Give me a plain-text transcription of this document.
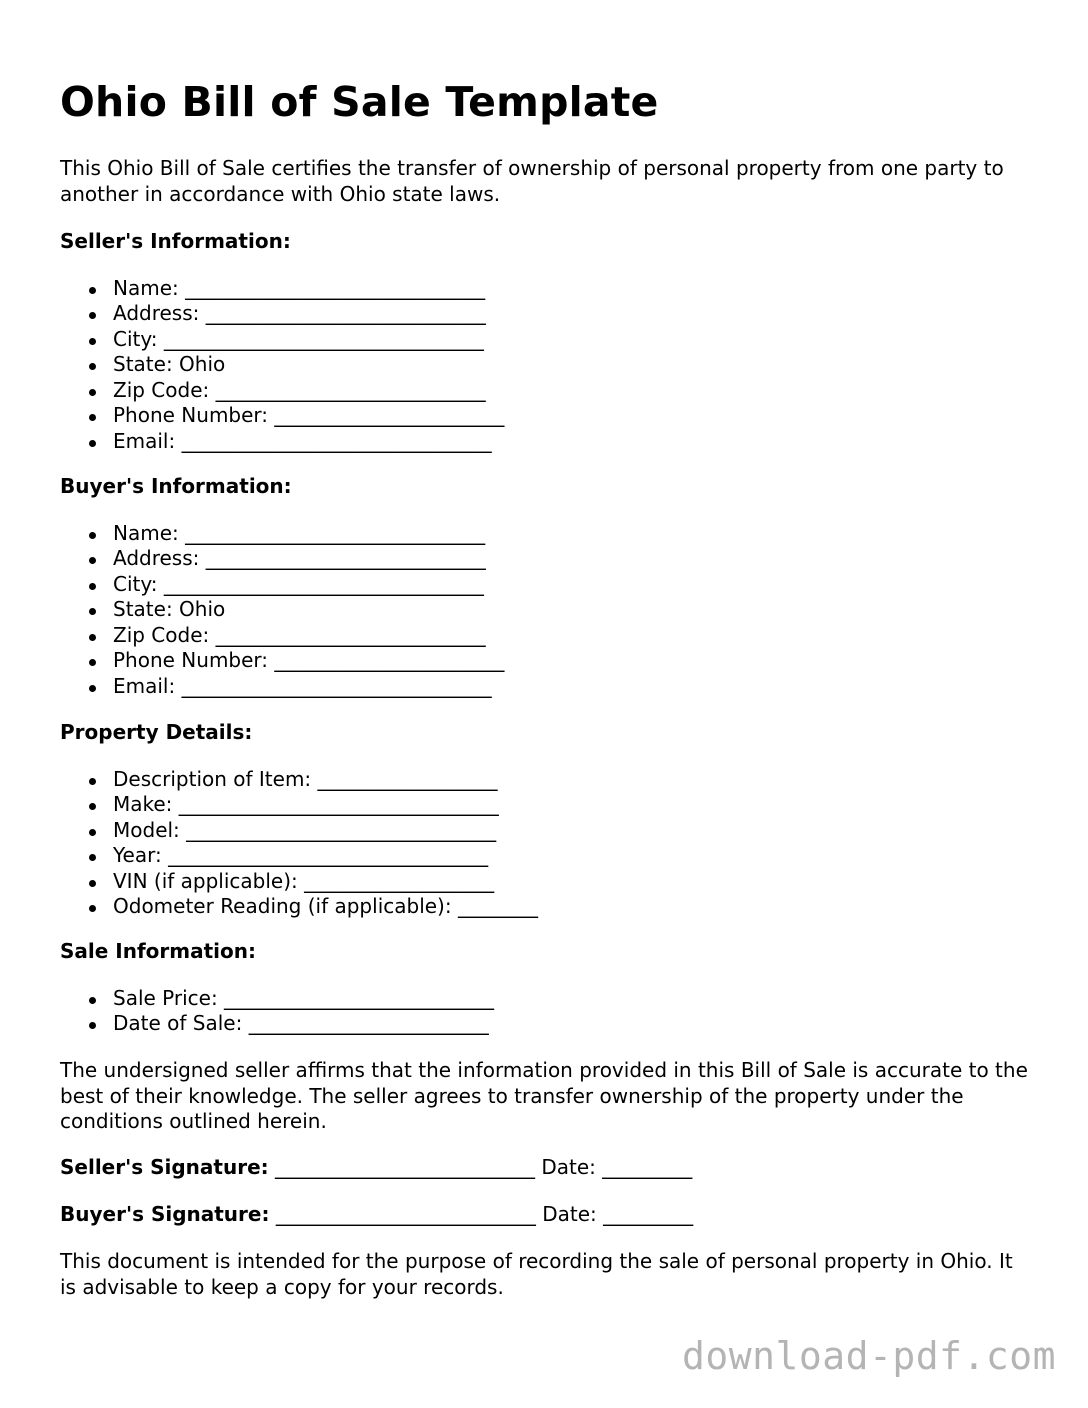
Ohio Bill of Sale Template

This Ohio Bill of Sale certifies the transfer of ownership of personal property from one party to another in accordance with Ohio state laws.

Seller's Information:
Name: ______________________________
Address: ____________________________
City: ________________________________
State: Ohio
Zip Code: ___________________________
Phone Number: _______________________
Email: _______________________________
Buyer's Information:
Name: ______________________________
Address: ____________________________
City: ________________________________
State: Ohio
Zip Code: ___________________________
Phone Number: _______________________
Email: _______________________________
Property Details:
Description of Item: __________________
Make: ________________________________
Model: _______________________________
Year: ________________________________
VIN (if applicable): ___________________
Odometer Reading (if applicable): ________
Sale Information:
Sale Price: ___________________________
Date of Sale: ________________________

The undersigned seller affirms that the information provided in this Bill of Sale is accurate to the best of their knowledge. The seller agrees to transfer ownership of the property under the conditions outlined herein.

Seller's Signature: __________________________ Date: _________

Buyer's Signature: __________________________ Date: _________

This document is intended for the purpose of recording the sale of personal property in Ohio. It is advisable to keep a copy for your records.

download-pdf.com
